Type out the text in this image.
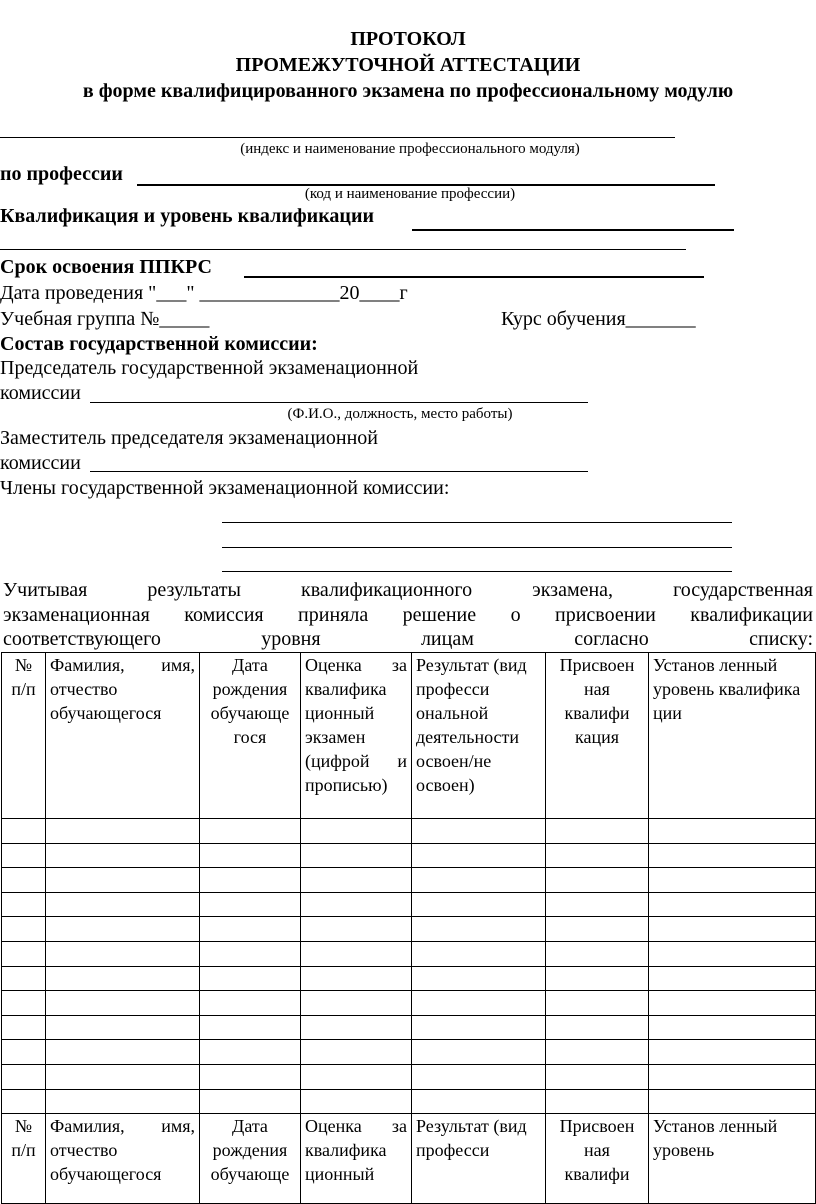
ПРОТОКОЛ
ПРОМЕЖУТОЧНОЙ АТТЕСТАЦИИ
в форме квалифицированного экзамена по профессиональному модулю
(индекс и наименование профессионального модуля)
по профессии
(код и наименование профессии)
Квалификация и уровень квалификации
Срок освоения ППКРС
Дата проведения "___" ______________20____г
Учебная группа №_____	Курс обучения_______
Состав государственной комиссии:
Председатель государственной экзаменационной
комиссии
(Ф.И.О., должность, место работы)
Заместитель председателя экзаменационной
комиссии
Члены государственной экзаменационной комиссии:
Учитывая результаты квалификационного экзамена, государственная
экзаменационная комиссия приняла решение о присвоении квалификации
соответствующего уровня лицам согласно списку:
№ п/п	Фамилия, имя, отчество обучающегося	Дата рождения обучающе гося	Оценка за квалифика ционный экзамен (цифрой и прописью)	Результат (вид професси ональной деятельности освоен/не освоен)	Присвоен ная квалифи кация	Установ ленный уровень квалифика ции

№ п/п	Фамилия, имя, отчество обучающегося	Дата рождения обучающе	Оценка за квалифика ционный	Результат (вид професси	Присвоен ная квалифи	Установ ленный уровень
